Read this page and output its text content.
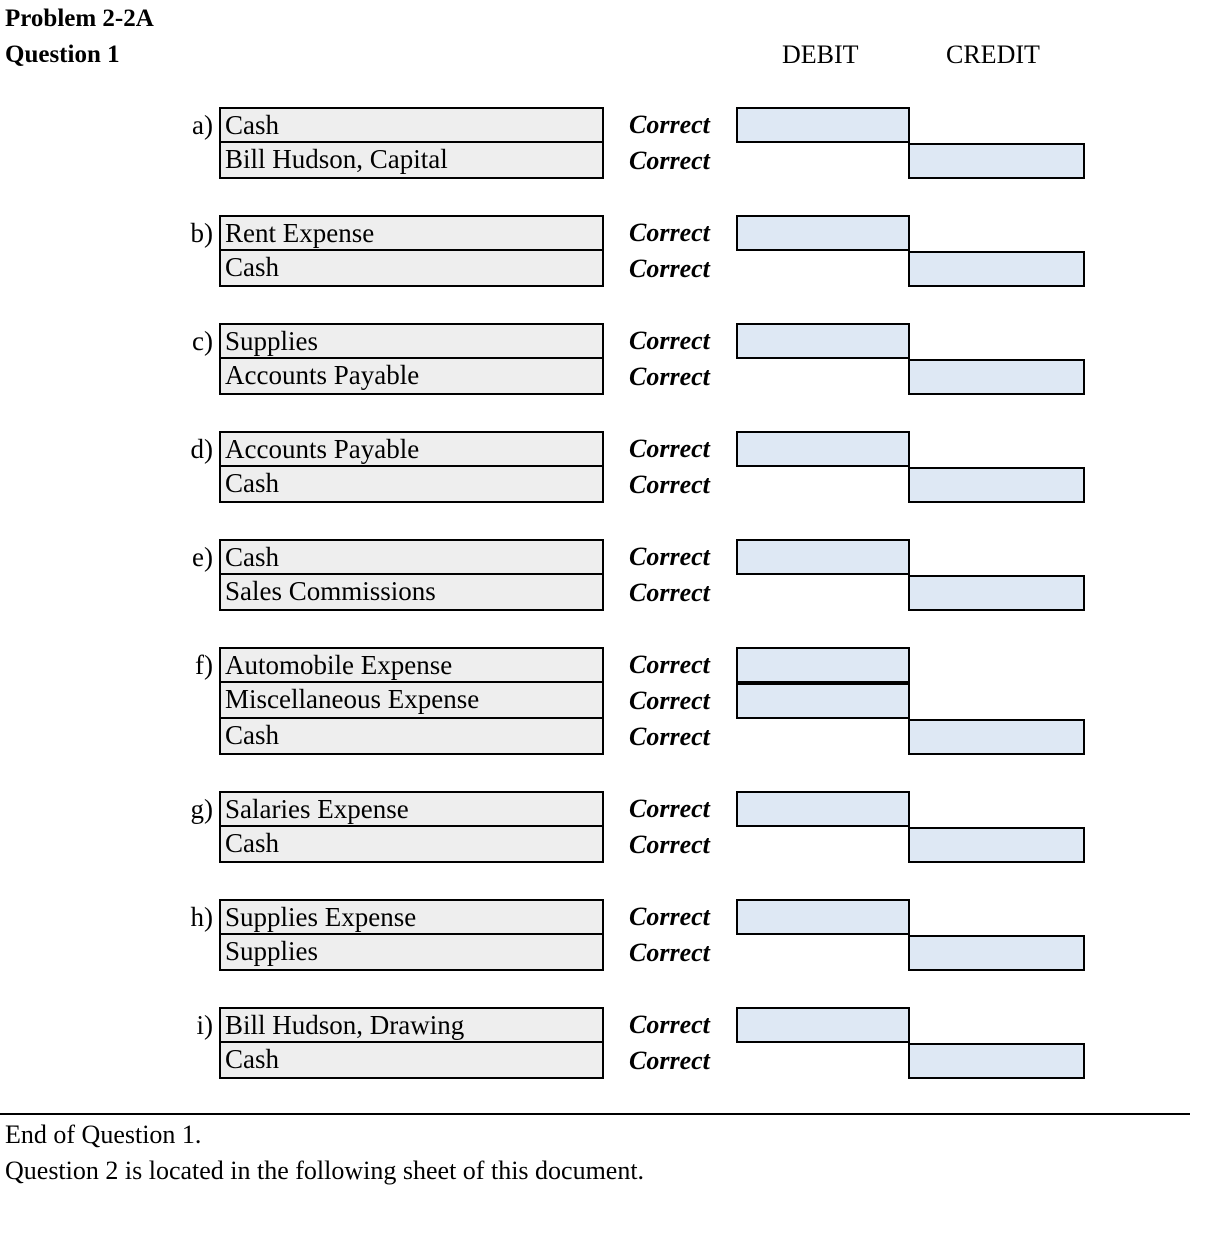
Problem 2-2A
Question 1	DEBIT	CREDIT
a) Cash	Correct
Bill Hudson, Capital	Correct
b) Rent Expense	Correct
Cash	Correct
c) Supplies	Correct
Accounts Payable	Correct
d) Accounts Payable	Correct
Cash	Correct
e) Cash	Correct
Sales Commissions	Correct
f) Automobile Expense	Correct
Miscellaneous Expense	Correct
Cash	Correct
g) Salaries Expense	Correct
Cash	Correct
h) Supplies Expense	Correct
Supplies	Correct
i) Bill Hudson, Drawing	Correct
Cash	Correct
End of Question 1.
Question 2 is located in the following sheet of this document.
